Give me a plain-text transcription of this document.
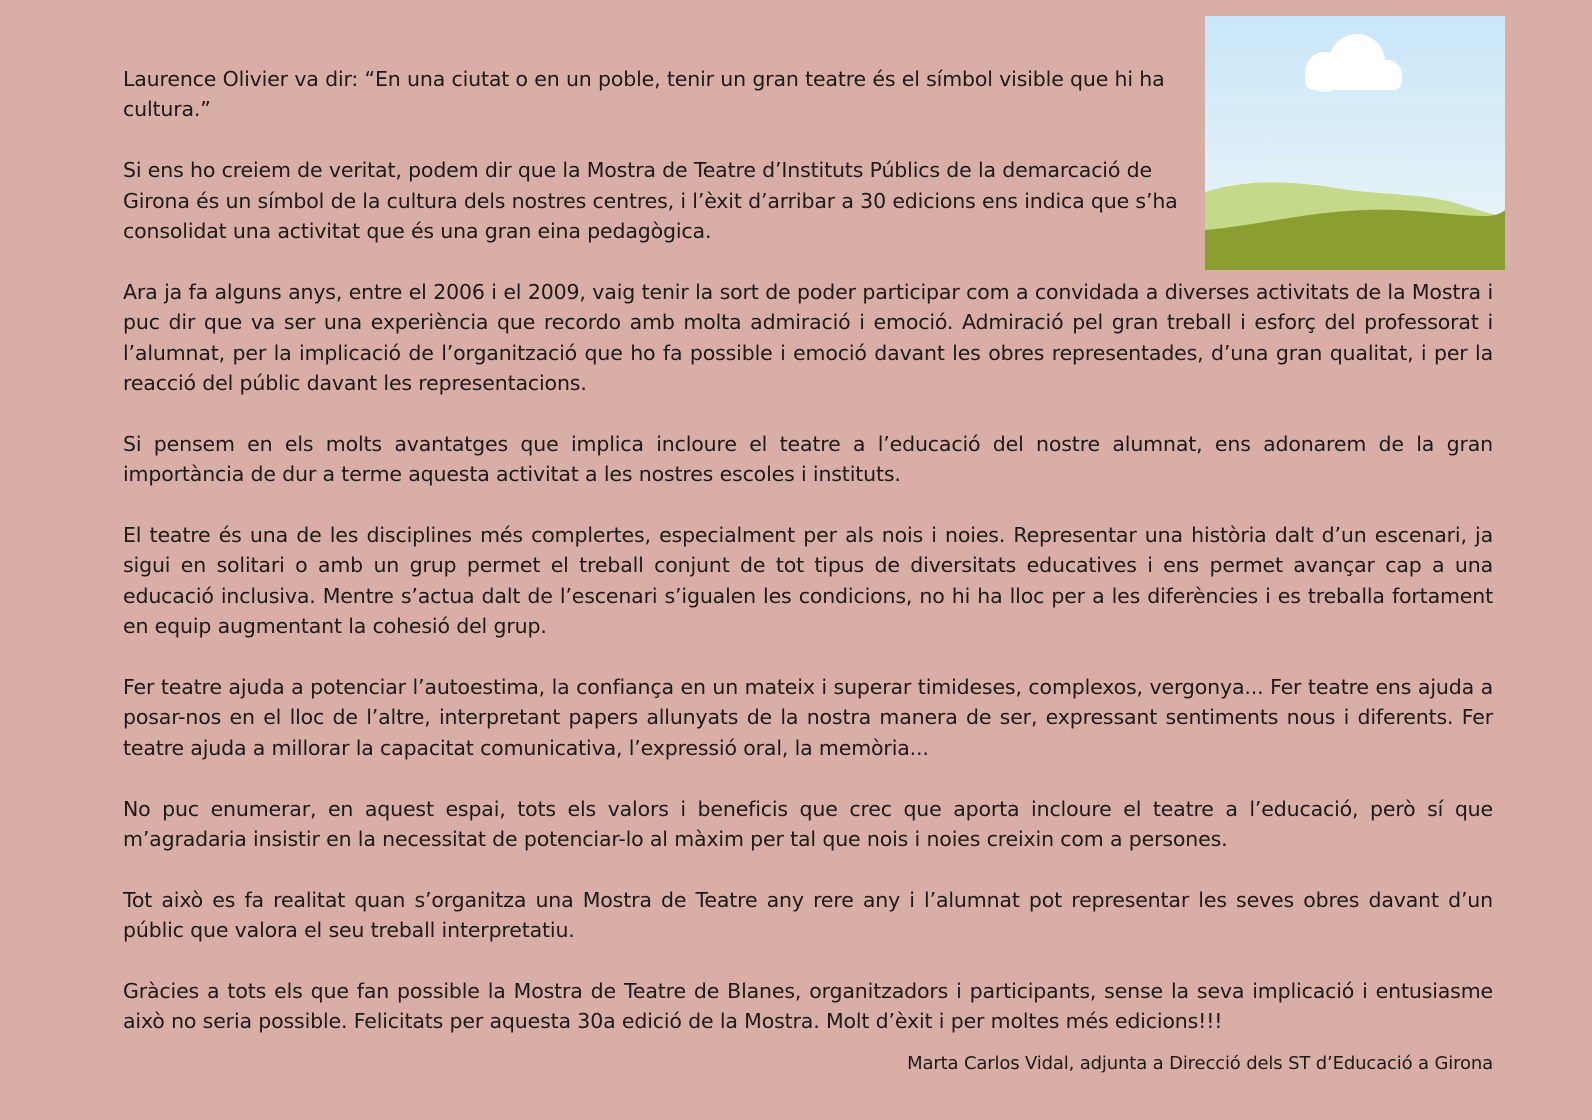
Laurence Olivier va dir: “En una ciutat o en un poble, tenir un gran teatre és el símbol visible que hi ha cultura.”

Si ens ho creiem de veritat, podem dir que la Mostra de Teatre d’Instituts Públics de la demarcació de Girona és un símbol de la cultura dels nostres centres, i l’èxit d’arribar a 30 edicions ens indica que s’ha consolidat una activitat que és una gran eina pedagògica.

Ara ja fa alguns anys, entre el 2006 i el 2009, vaig tenir la sort de poder participar com a convidada a diverses activitats de la Mostra i puc dir que va ser una experiència que recordo amb molta admiració i emoció. Admiració pel gran treball i esforç del professorat i l’alumnat, per la implicació de l’organització que ho fa possible i emoció davant les obres representades, d’una gran qualitat, i per la reacció del públic davant les representacions.

Si pensem en els molts avantatges que implica incloure el teatre a l’educació del nostre alumnat, ens adonarem de la gran importància de dur a terme aquesta activitat a les nostres escoles i instituts.

El teatre és una de les disciplines més complertes, especialment per als nois i noies. Representar una història dalt d’un escenari, ja sigui en solitari o amb un grup permet el treball conjunt de tot tipus de diversitats educatives i ens permet avançar cap a una educació inclusiva. Mentre s’actua dalt de l’escenari s’igualen les condicions, no hi ha lloc per a les diferències i es treballa fortament en equip augmentant la cohesió del grup.

Fer teatre ajuda a potenciar l’autoestima, la confiança en un mateix i superar timideses, complexos, vergonya... Fer teatre ens ajuda a posar-nos en el lloc de l’altre, interpretant papers allunyats de la nostra manera de ser, expressant sentiments nous i diferents. Fer teatre ajuda a millorar la capacitat comunicativa, l’expressió oral, la memòria...

No puc enumerar, en aquest espai, tots els valors i beneficis que crec que aporta incloure el teatre a l’educació, però sí que m’agradaria insistir en la necessitat de potenciar-lo al màxim per tal que nois i noies creixin com a persones.

Tot això es fa realitat quan s’organitza una Mostra de Teatre any rere any i l’alumnat pot representar les seves obres davant d’un públic que valora el seu treball interpretatiu.

Gràcies a tots els que fan possible la Mostra de Teatre de Blanes, organitzadors i participants, sense la seva implicació i entusiasme això no seria possible. Felicitats per aquesta 30a edició de la Mostra. Molt d’èxit i per moltes més edicions!!!

Marta Carlos Vidal, adjunta a Direcció dels ST d’Educació a Girona
